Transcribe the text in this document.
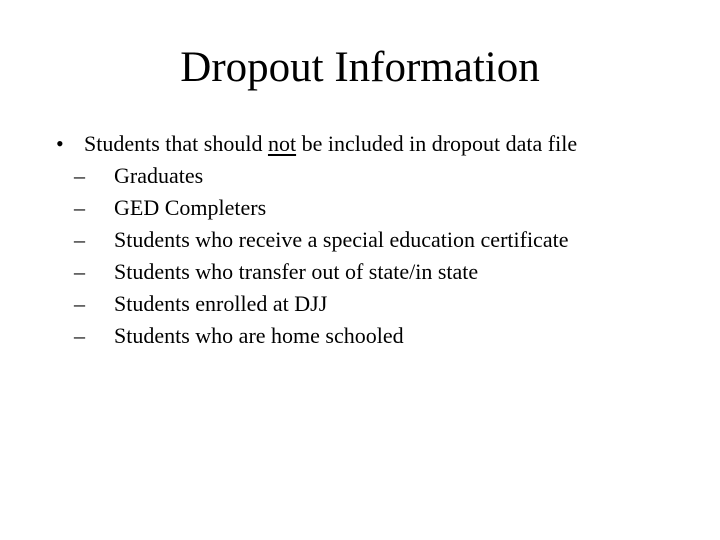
Dropout Information
• Students that should not be included in dropout data file
– Graduates
– GED Completers
– Students who receive a special education certificate
– Students who transfer out of state/in state
– Students enrolled at DJJ
– Students who are home schooled
